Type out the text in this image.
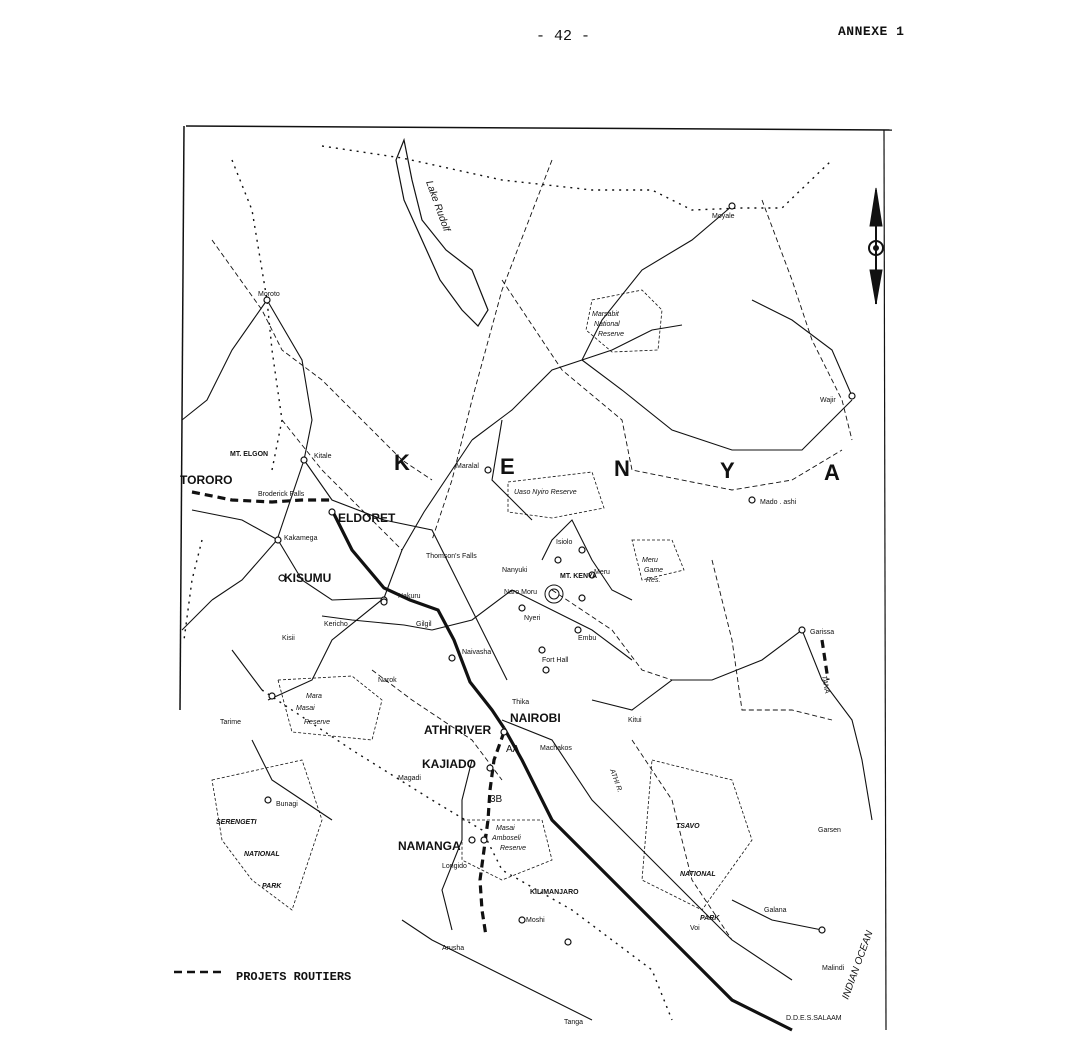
- 42 -	ANNEXE 1
K	E	N	Y	A
TORORO
ELDORET
KISUMU
NAIROBI
ATHI RIVER
KAJIADO
NAMANGA
MT. ELGON
MT. KENYA
KILIMANJARO
Moyale
Moroto
Kitale
Wajir
Maralal
Mado . ashi
Broderick Falls
Kakamega
Thomson's Falls
Isiolo
Nanyuki	Meru
Nakuru
Naro Moru
Gilgil
Kericho
Kisii
Nyeri
Embu
Garissa
Naivasha
Fort Hall
Narok
Thika
Kitui
Tarime
Machakos
Magadi
Bunagi
Longido
Moshi
Arusha
Voi
Garsen
Galana
Malindi
Tanga
Lake Rudolf
Marsabit
National
Reserve
Uaso Nyiro Reserve
Mara
Masai
Reserve
SERENGETI
NATIONAL
PARK
Masai
Amboseli
Reserve
TSAVO
NATIONAL
PARK
Meru
Game
Res.
INDIAN OCEAN
D.D.E.S.SALAAM
ATHI R.
TANA
AA
3B
PROJETS ROUTIERS
